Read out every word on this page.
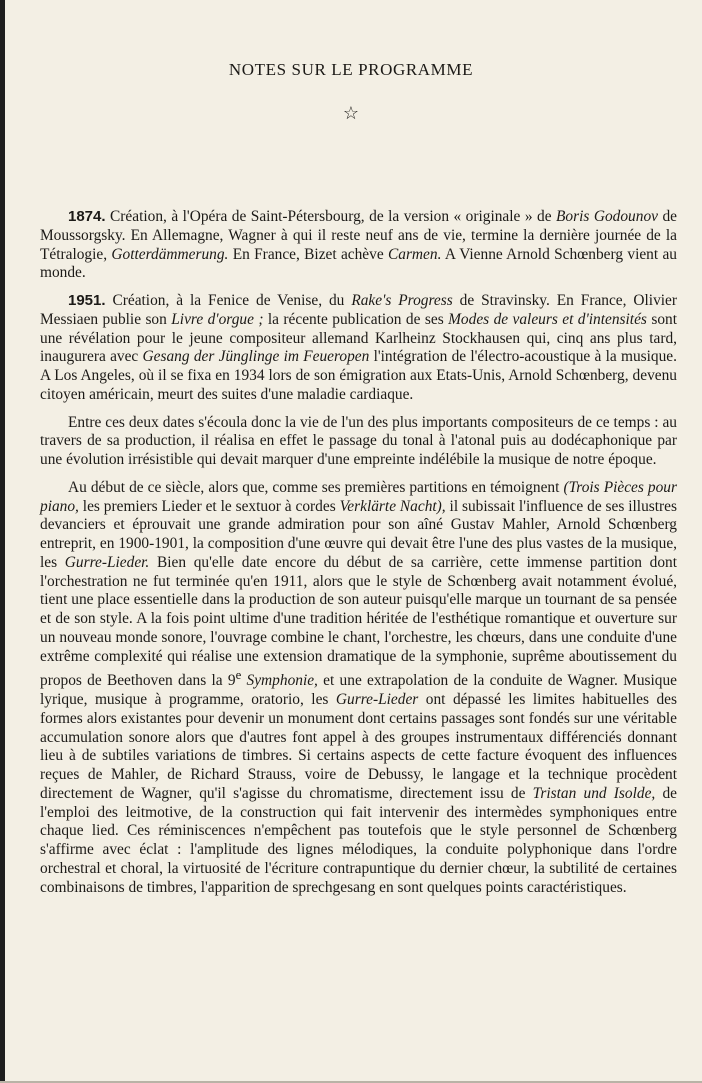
NOTES SUR LE PROGRAMME
☆

1874. Création, à l'Opéra de Saint-Pétersbourg, de la version « originale » de Boris Godounov de Moussorgsky. En Allemagne, Wagner à qui il reste neuf ans de vie, termine la dernière journée de la Tétralogie, Gotterdämmerung. En France, Bizet achève Carmen. A Vienne Arnold Schœnberg vient au monde.

1951. Création, à la Fenice de Venise, du Rake's Progress de Stravinsky. En France, Olivier Messiaen publie son Livre d'orgue ; la récente publication de ses Modes de valeurs et d'intensités sont une révélation pour le jeune compositeur allemand Karlheinz Stockhausen qui, cinq ans plus tard, inaugurera avec Gesang der Jünglinge im Feueropen l'intégration de l'électro-acoustique à la musique. A Los Angeles, où il se fixa en 1934 lors de son émigration aux Etats-Unis, Arnold Schœnberg, devenu citoyen américain, meurt des suites d'une maladie cardiaque.

Entre ces deux dates s'écoula donc la vie de l'un des plus importants compositeurs de ce temps : au travers de sa production, il réalisa en effet le passage du tonal à l'atonal puis au dodécaphonique par une évolution irrésistible qui devait marquer d'une empreinte indélébile la musique de notre époque.

Au début de ce siècle, alors que, comme ses premières partitions en témoignent (Trois Pièces pour piano, les premiers Lieder et le sextuor à cordes Verklärte Nacht), il subissait l'influence de ses illustres devanciers et éprouvait une grande admiration pour son aîné Gustav Mahler, Arnold Schœnberg entreprit, en 1900-1901, la composition d'une œuvre qui devait être l'une des plus vastes de la musique, les Gurre-Lieder. Bien qu'elle date encore du début de sa carrière, cette immense partition dont l'orchestration ne fut terminée qu'en 1911, alors que le style de Schœnberg avait notamment évolué, tient une place essentielle dans la production de son auteur puisqu'elle marque un tournant de sa pensée et de son style. A la fois point ultime d'une tradition héritée de l'esthétique romantique et ouverture sur un nouveau monde sonore, l'ouvrage combine le chant, l'orchestre, les chœurs, dans une conduite d'une extrême complexité qui réalise une extension dramatique de la symphonie, suprême aboutissement du propos de Beethoven dans la 9e Symphonie, et une extrapolation de la conduite de Wagner. Musique lyrique, musique à programme, oratorio, les Gurre-Lieder ont dépassé les limites habituelles des formes alors existantes pour devenir un monument dont certains passages sont fondés sur une véritable accumulation sonore alors que d'autres font appel à des groupes instrumentaux différenciés donnant lieu à de subtiles variations de timbres. Si certains aspects de cette facture évoquent des influences reçues de Mahler, de Richard Strauss, voire de Debussy, le langage et la technique procèdent directement de Wagner, qu'il s'agisse du chromatisme, directement issu de Tristan und Isolde, de l'emploi des leitmotive, de la construction qui fait intervenir des intermèdes symphoniques entre chaque lied. Ces réminiscences n'empêchent pas toutefois que le style personnel de Schœnberg s'affirme avec éclat : l'amplitude des lignes mélodiques, la conduite polyphonique dans l'ordre orchestral et choral, la virtuosité de l'écriture contrapuntique du dernier chœur, la subtilité de certaines combinaisons de timbres, l'apparition de sprechgesang en sont quelques points caractéristiques.
